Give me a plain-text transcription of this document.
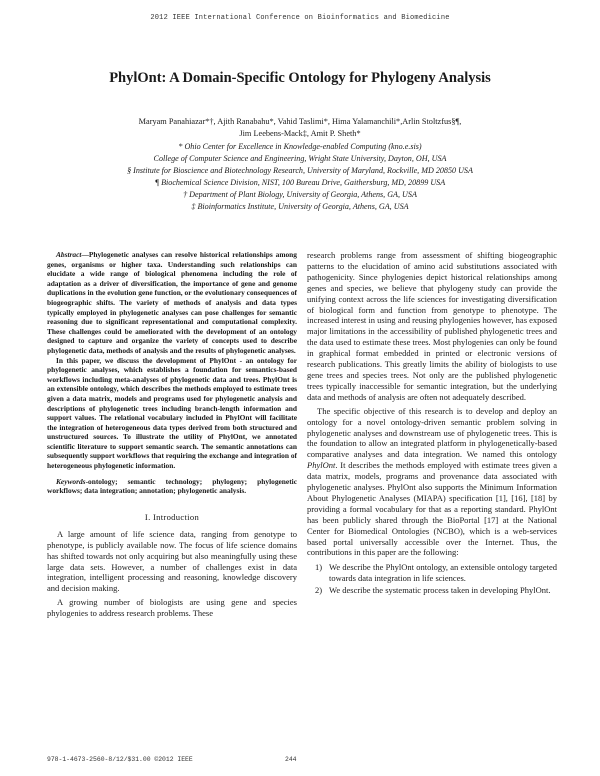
2012 IEEE International Conference on Bioinformatics and Biomedicine
PhylOnt: A Domain-Specific Ontology for Phylogeny Analysis
Maryam Panahiazar*†, Ajith Ranabahu*, Vahid Taslimi*, Hima Yalamanchili*,Arlin Stoltzfus§¶,
Jim Leebens-Mack‡, Amit P. Sheth*
* Ohio Center for Excellence in Knowledge-enabled Computing (kno.e.sis)
College of Computer Science and Engineering, Wright State University, Dayton, OH, USA
§ Institute for Bioscience and Biotechnology Research, University of Maryland, Rockville, MD 20850 USA
¶ Biochemical Science Division, NIST, 100 Bureau Drive, Gaithersburg, MD, 20899 USA
† Department of Plant Biology, University of Georgia, Athens, GA, USA
‡ Bioinformatics Institute, University of Georgia, Athens, GA, USA

Abstract—Phylogenetic analyses can resolve historical relationships among genes, organisms or higher taxa. Understanding such relationships can elucidate a wide range of biological phenomena including the role of adaptation as a driver of diversification, the importance of gene and genome duplications in the evolution gene function, or the evolutionary consequences of biogeographic shifts. The variety of methods of analysis and data types typically employed in phylogenetic analyses can pose challenges for semantic reasoning due to significant representational and computational complexity. These challenges could be ameliorated with the development of an ontology designed to capture and organize the variety of concepts used to describe phylogenetic data, methods of analysis and the results of phylogenetic analyses.

In this paper, we discuss the development of PhylOnt - an ontology for phylogenetic analyses, which establishes a foundation for semantics-based workflows including meta-analyses of phylogenetic data and trees. PhylOnt is an extensible ontology, which describes the methods employed to estimate trees given a data matrix, models and programs used for phylogenetic analysis and descriptions of phylogenetic trees including branch-length information and support values. The relational vocabulary included in PhylOnt will facilitate the integration of heterogeneous data types derived from both structured and unstructured sources. To illustrate the utility of PhylOnt, we annotated scientific literature to support semantic search. The semantic annotations can subsequently support workflows that requiring the exchange and integration of heterogeneous phylogenetic information.

Keywords-ontology; semantic technology; phylogeny; phylogenetic workflows; data integration; annotation; phylogenetic analysis.

I. Introduction

A large amount of life science data, ranging from genotype to phenotype, is publicly available now. The focus of life science domains has shifted towards not only acquiring but also meaningfully using these large data sets. However, a number of challenges exist in data integration, intelligent processing and reasoning, knowledge discovery and decision making.

A growing number of biologists are using gene and species phylogenies to address research problems. These

research problems range from assessment of shifting biogeographic patterns to the elucidation of amino acid substitutions associated with pathogenicity. Since phylogenies depict historical relationships among genes and species, we believe that phylogeny study can provide the unifying context across the life sciences for investigating diversification of biological form and function from genotype to phenotype. The increased interest in using and reusing phylogenies however, has exposed major limitations in the accessibility of published phylogenetic trees and the data used to estimate these trees. Most phylogenies can only be found in graphical format embedded in printed or electronic versions of research publications. This greatly limits the ability of biologists to use gene trees and species trees. Not only are the published phylogenetic trees typically inaccessible for semantic integration, but the underlying data and methods of analysis are often not adequately described.

The specific objective of this research is to develop and deploy an ontology for a novel ontology-driven semantic problem solving in phylogenetic analyses and downstream use of phylogenetic trees. This is the foundation to allow an integrated platform in phylogenetically-based comparative analyses and data integration. We named this ontology PhylOnt. It describes the methods employed with estimate trees given a data matrix, models, programs and provenance data associated with phylogenetic analyses. PhylOnt also supports the Minimum Information About Phylogenetic Analyses (MIAPA) specification [1], [16], [18] by providing a formal vocabulary for that as a reporting standard. PhylOnt has been publicly shared through the BioPortal [17] at the National Center for Biomedical Ontologies (NCBO), which is a web-services based portal universally accessible over the Internet. Thus, the contributions in this paper are the following:

1) We describe the PhylOnt ontology, an extensible ontology targeted towards data integration in life sciences.
2) We describe the systematic process taken in developing PhylOnt.
978-1-4673-2560-8/12/$31.00 ©2012 IEEE	244
